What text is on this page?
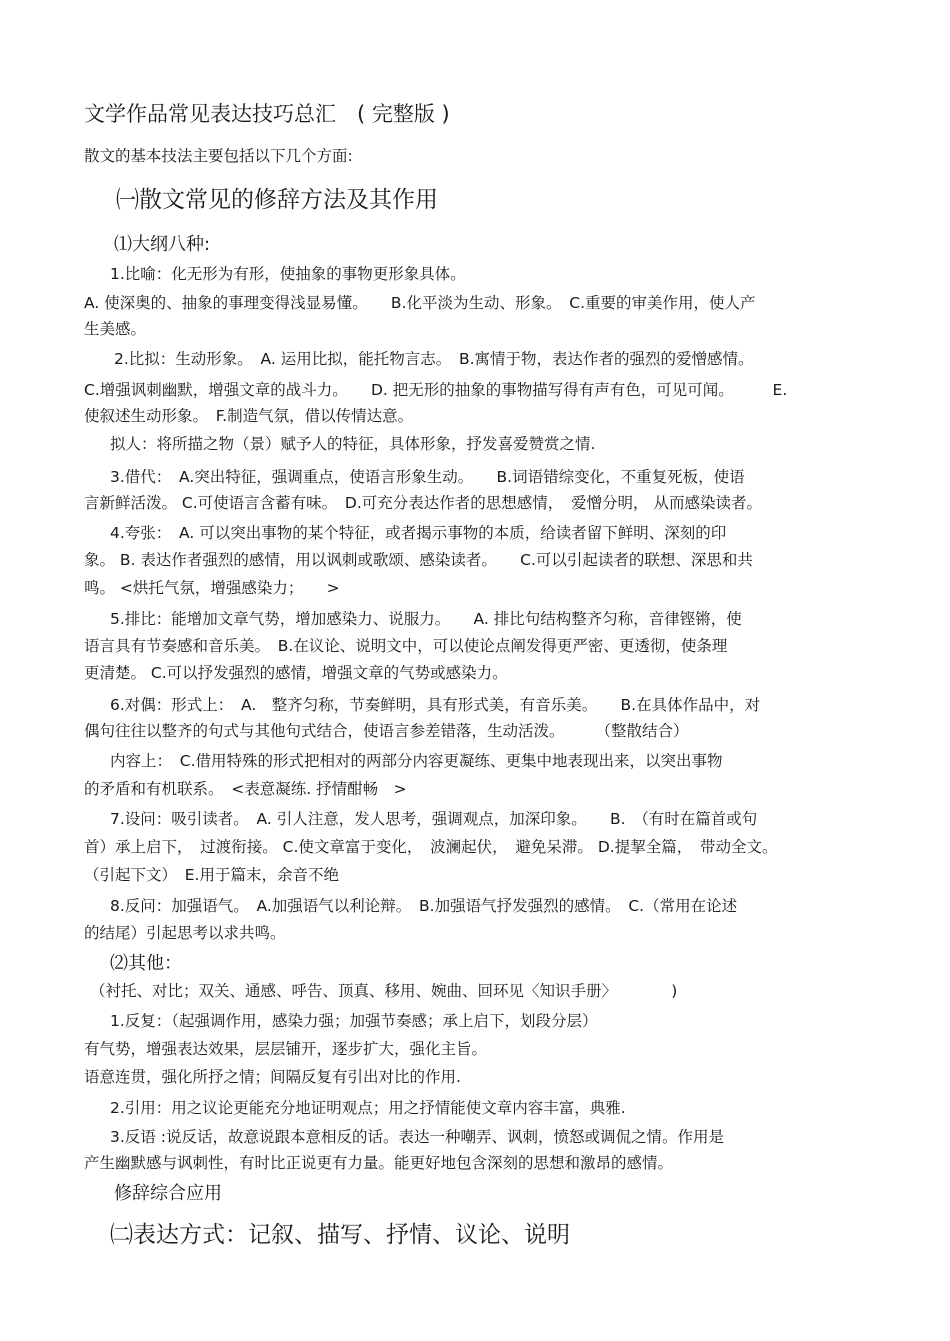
文学作品常见表达技巧总汇　( 完整版 )

散文的基本技法主要包括以下几个方面:

㈠散文常见的修辞方法及其作用

⑴大纲八种:

1.比喻：化无形为有形，使抽象的事物更形象具体。

A. 使深奥的、抽象的事理变得浅显易懂。　　B.化平淡为生动、形象。　C.重要的审美作用，使人产

生美感。

2.比拟：生动形象。　A. 运用比拟，能托物言志。　B.寓情于物，表达作者的强烈的爱憎感情。

C.增强讽刺幽默，增强文章的战斗力。　　D. 把无形的抽象的事物描写得有声有色，可见可闻。　　　E.

使叙述生动形象。　F.制造气氛，借以传情达意。

拟人：将所描之物（景）赋予人的特征，具体形象，抒发喜爱赞赏之情.

3.借代：　A.突出特征，强调重点，使语言形象生动。　　B.词语错综变化，不重复死板，使语

言新鲜活泼。 C.可使语言含蓄有味。　D.可充分表达作者的思想感情，　爱憎分明， 从而感染读者。

4.夸张：　A. 可以突出事物的某个特征，或者揭示事物的本质，给读者留下鲜明、深刻的印

象。 B. 表达作者强烈的感情，用以讽刺或歌颂、感染读者。　　C.可以引起读者的联想、深思和共

鸣。 <烘托气氛，增强感染力；　　>

5.排比：能增加文章气势，增加感染力、说服力。　　A. 排比句结构整齐匀称，音律铿锵，使

语言具有节奏感和音乐美。　B.在议论、说明文中，可以使论点阐发得更严密、更透彻，使条理

更清楚。 C.可以抒发强烈的感情，增强文章的气势或感染力。

6.对偶：形式上：　A.　整齐匀称，节奏鲜明，具有形式美，有音乐美。　　B.在具体作品中，对

偶句往往以整齐的句式与其他句式结合，使语言参差错落，生动活泼。　　　（整散结合）

内容上：　C.借用特殊的形式把相对的两部分内容更凝练、更集中地表现出来，以突出事物

的矛盾和有机联系。　<表意凝练. 抒情酣畅　>

7.设问：吸引读者。　A. 引人注意，发人思考，强调观点，加深印象。　　B.　（有时在篇首或句

首）承上启下，　过渡衔接。 C.使文章富于变化，　波澜起伏，　避免呆滞。 D.提挈全篇，　带动全文。

（引起下文）　E.用于篇末，余音不绝

8.反问：加强语气。　A.加强语气以利论辩。　B.加强语气抒发强烈的感情。　C.（常用在论述

的结尾）引起思考以求共鸣。

⑵其他：

（衬托、对比；双关、通感、呼告、顶真、移用、婉曲、回环见〈知识手册〉　　　　)

1.反复：（起强调作用，感染力强；加强节奏感；承上启下，划段分层）

有气势，增强表达效果，层层铺开，逐步扩大，强化主旨。

语意连贯，强化所抒之情；间隔反复有引出对比的作用.

2.引用：用之议论更能充分地证明观点；用之抒情能使文章内容丰富，典雅.

3.反语 :说反话，故意说跟本意相反的话。表达一种嘲弄、讽刺，愤怒或调侃之情。作用是

产生幽默感与讽刺性，有时比正说更有力量。能更好地包含深刻的思想和激昂的感情。

修辞综合应用

㈡表达方式：记叙、描写、抒情、议论、说明
